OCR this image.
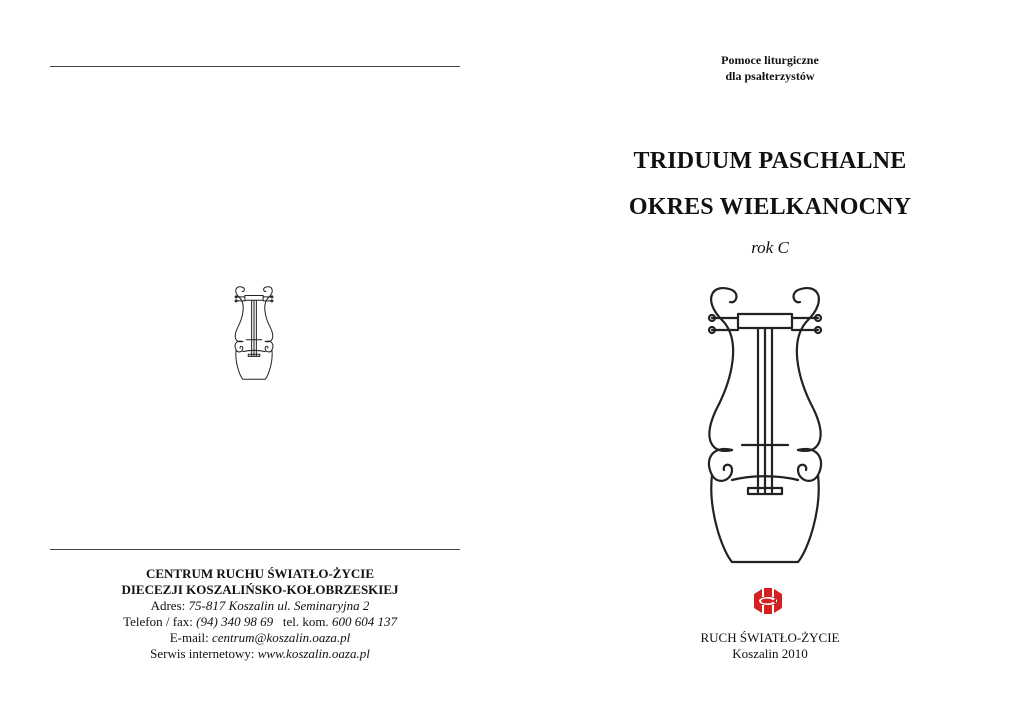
CENTRUM RUCHU ŚWIATŁO-ŻYCIE
DIECEZJI KOSZALIŃSKO-KOŁOBRZESKIEJ
Adres: 75-817 Koszalin ul. Seminaryjna 2
Telefon / fax: (94) 340 98 69   tel. kom. 600 604 137
E-mail: centrum@koszalin.oaza.pl
Serwis internetowy: www.koszalin.oaza.pl
Pomoce liturgiczne
dla psałterzystów
TRIDUUM PASCHALNE
OKRES WIELKANOCNY
rok C
RUCH ŚWIATŁO-ŻYCIE
Koszalin 2010
